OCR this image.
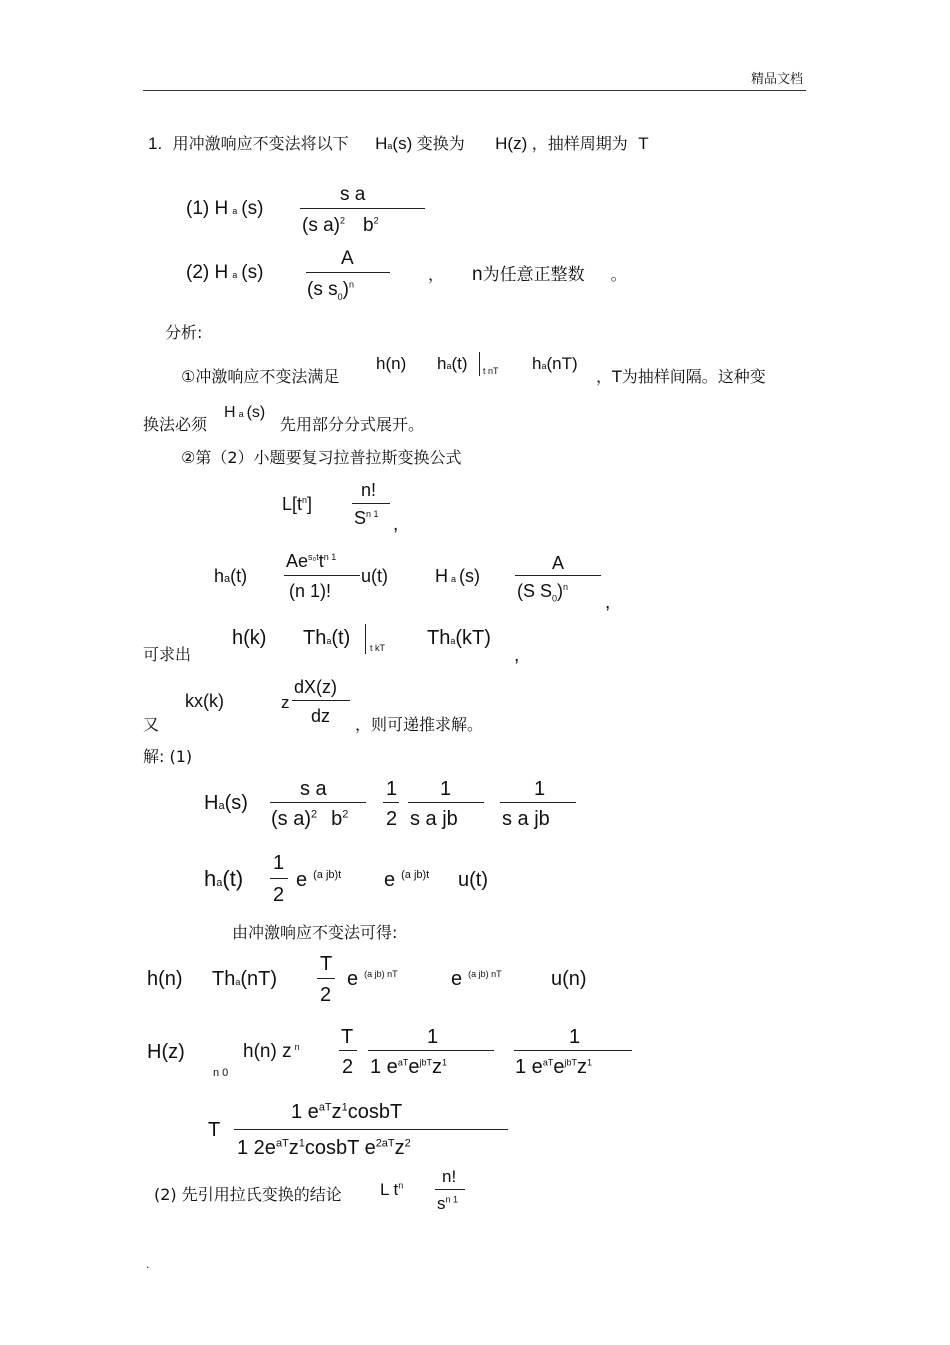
精品文档
1. 用冲激响应不变法将以下 Ha(s) 变换为 H(z) ，抽样周期为 T
(1) H a (s)
s a
(s a)$^2$ $b^2$
(2) H a (s)
A
(s $s_0)^n$
， n为任意正整数 。
分析:
①冲激响应不变法满足
h(n) ha(t) t nT ha(nT)
，T为抽样间隔。这种变
换法必须
Ha (s)
先用部分分式展开。
②第（2）小题要复习拉普拉斯变换公式
$L[t^n]$
n!
$S^{n 1}$ ,
ha(t)
$Ae^{s_0t}t^{n 1}$
(n 1)!
u(t)	Ha (s)
A
(S $S_0)^n$
,
可求出
h(k) Tha(t) t kT Tha(kT)
,
又
kx(k)	z
dX(z)
dz ，则可递推求解。
解: (1)
Ha(s)
s a
(s a)$^2$ $b^2$
1
2
1
s a jb
1
s a jb
ha(t)
1
2
e $^{(a jb)t}$ e $^{(a jb)t}$ u(t)
由冲激响应不变法可得:
h(n) Tha(nT)
T
2
e $^{(a jb) nT}$	e $^{(a jb) nT}$ u(n)
H(z)
n 0
h(n) z $^n$ T
2
1
1 $e^{aT}e^{jbT}z^1$
1
1 $e^{aT}e^{jbT}z^1$
T
1 $e^{aT}z^1cosbT$
1 $2e^{aT}z^1cosbT$ $e^{2aT}z^2$
(2) 先引用拉氏变换的结论 L $t^n$ n!
$s^{n 1}$
.
